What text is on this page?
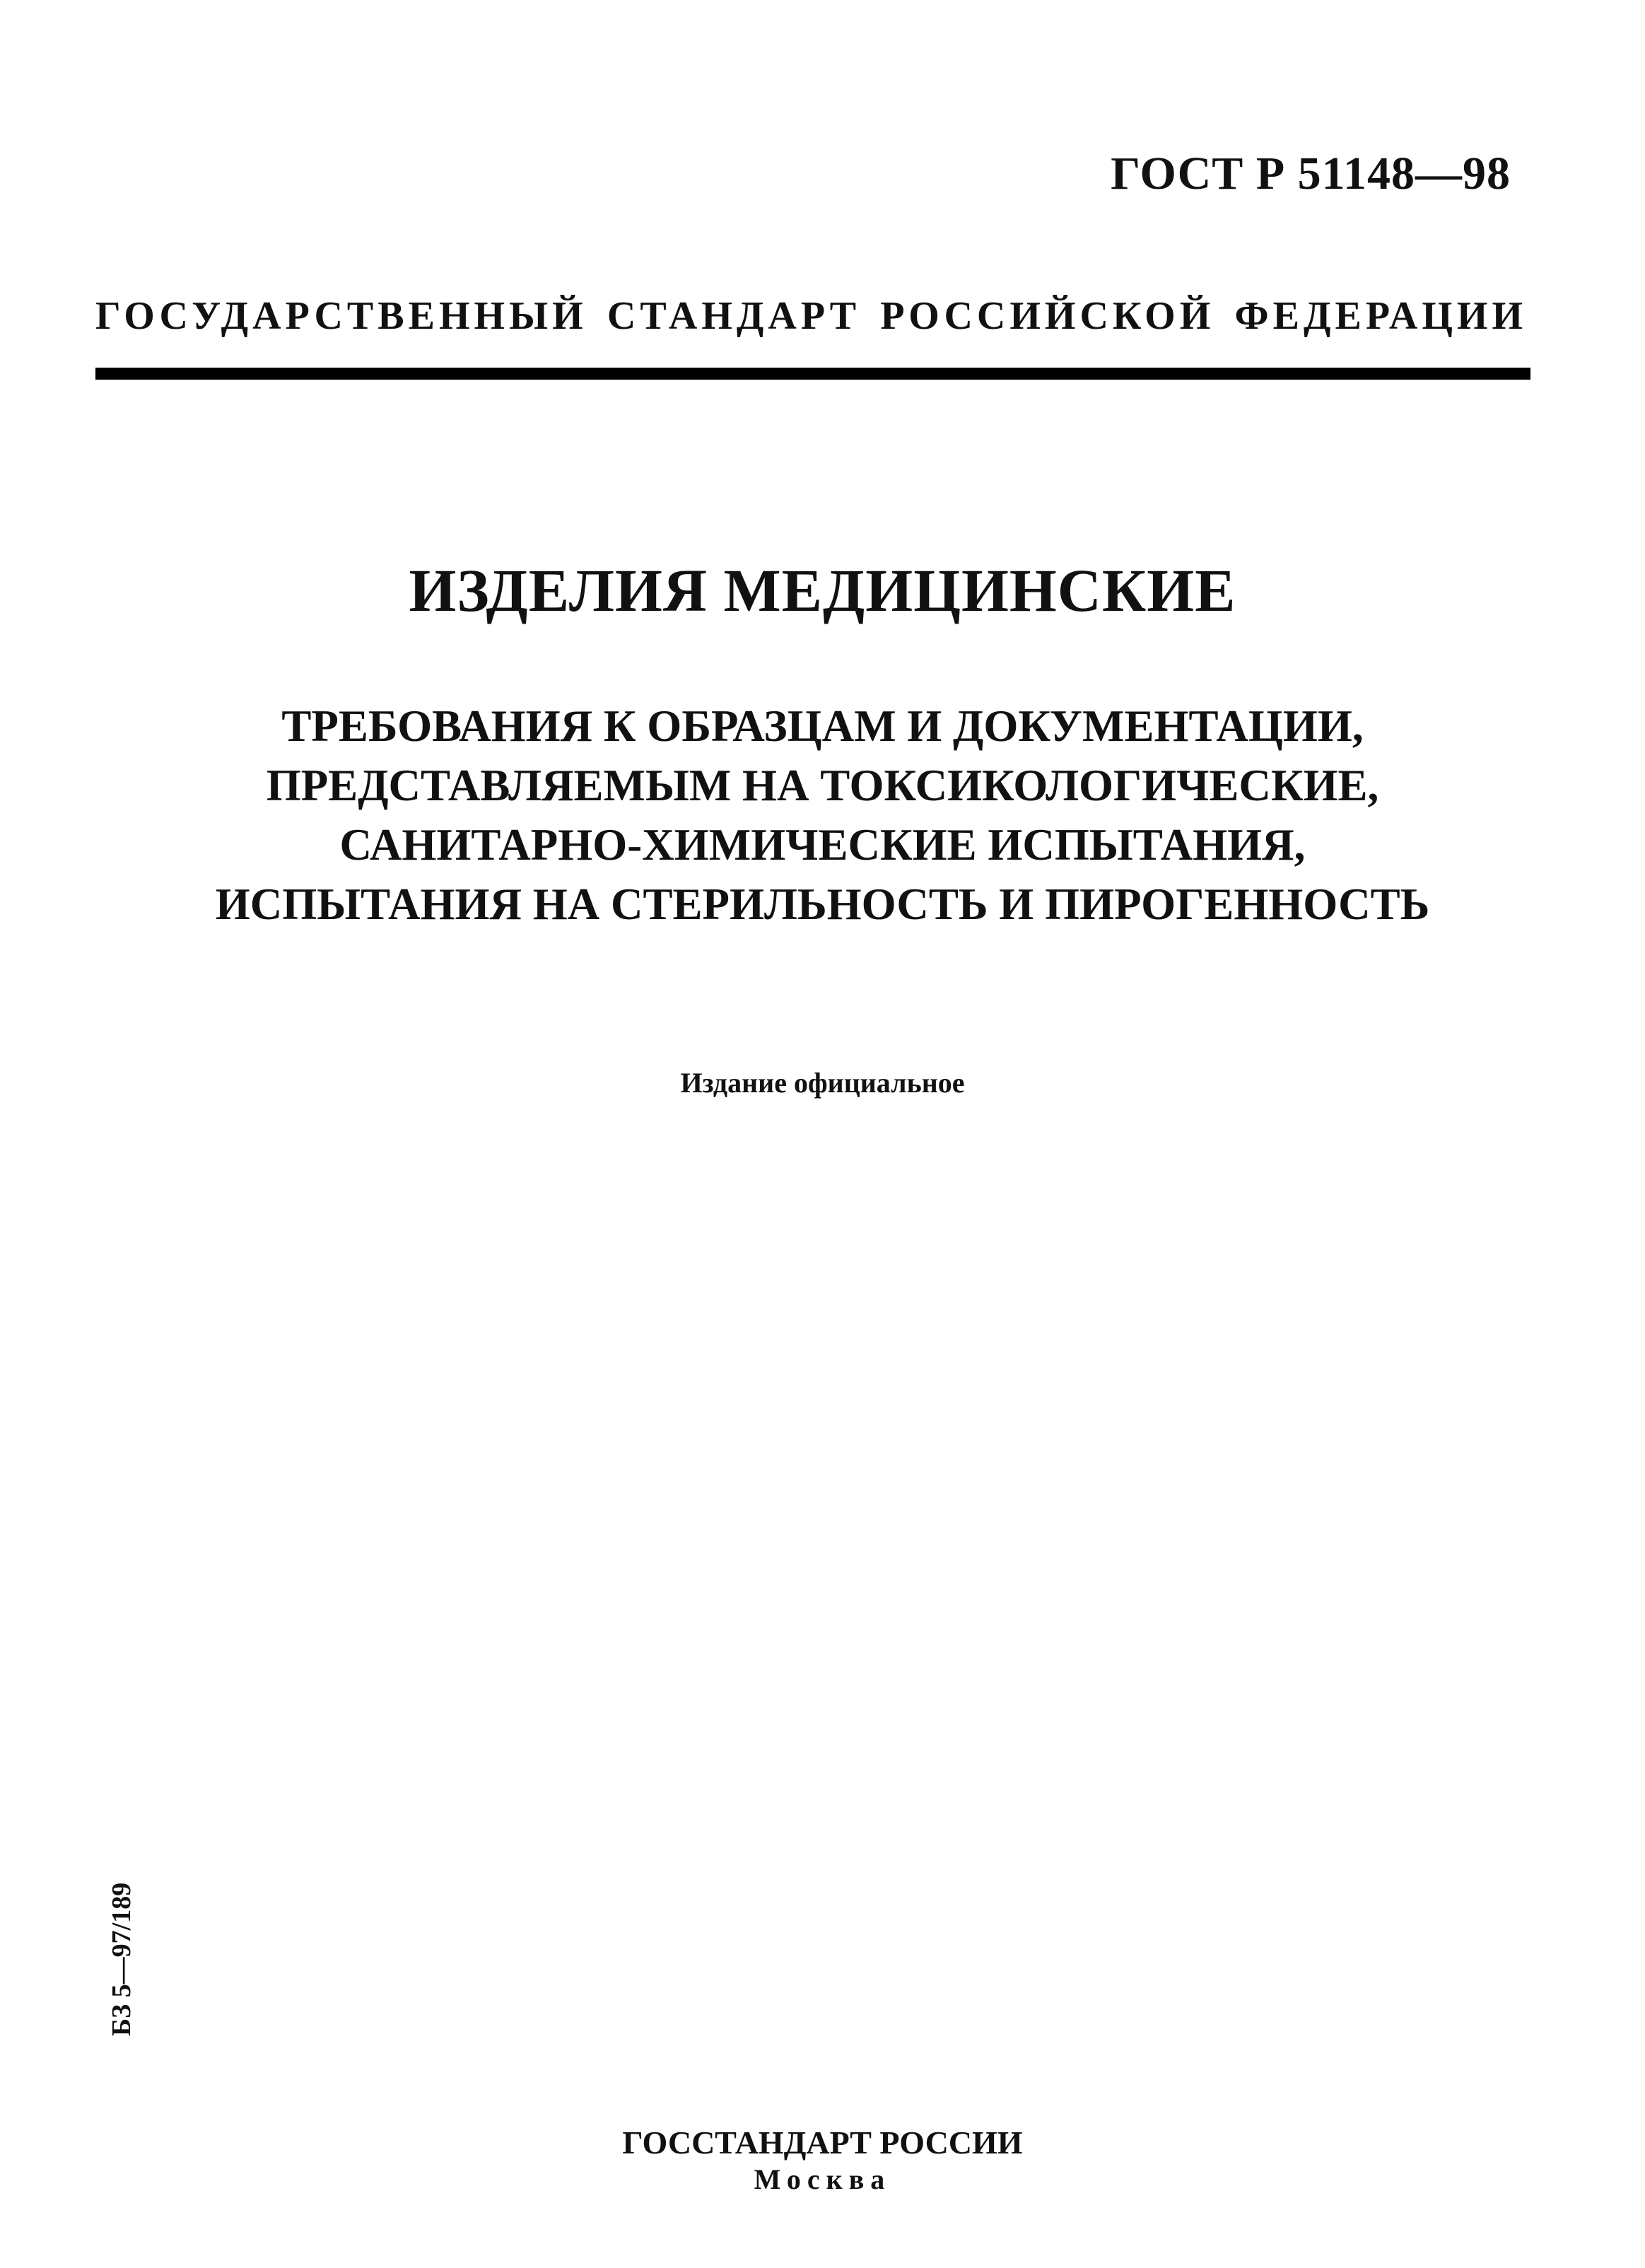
ГОСТ Р 51148—98
ГОСУДАРСТВЕННЫЙ СТАНДАРТ РОССИЙСКОЙ ФЕДЕРАЦИИ
ИЗДЕЛИЯ МЕДИЦИНСКИЕ
ТРЕБОВАНИЯ К ОБРАЗЦАМ И ДОКУМЕНТАЦИИ,
ПРЕДСТАВЛЯЕМЫМ НА ТОКСИКОЛОГИЧЕСКИЕ,
САНИТАРНО-ХИМИЧЕСКИЕ ИСПЫТАНИЯ,
ИСПЫТАНИЯ НА СТЕРИЛЬНОСТЬ И ПИРОГЕННОСТЬ
Издание официальное
БЗ 5—97/189
ГОССТАНДАРТ РОССИИ
Москва
